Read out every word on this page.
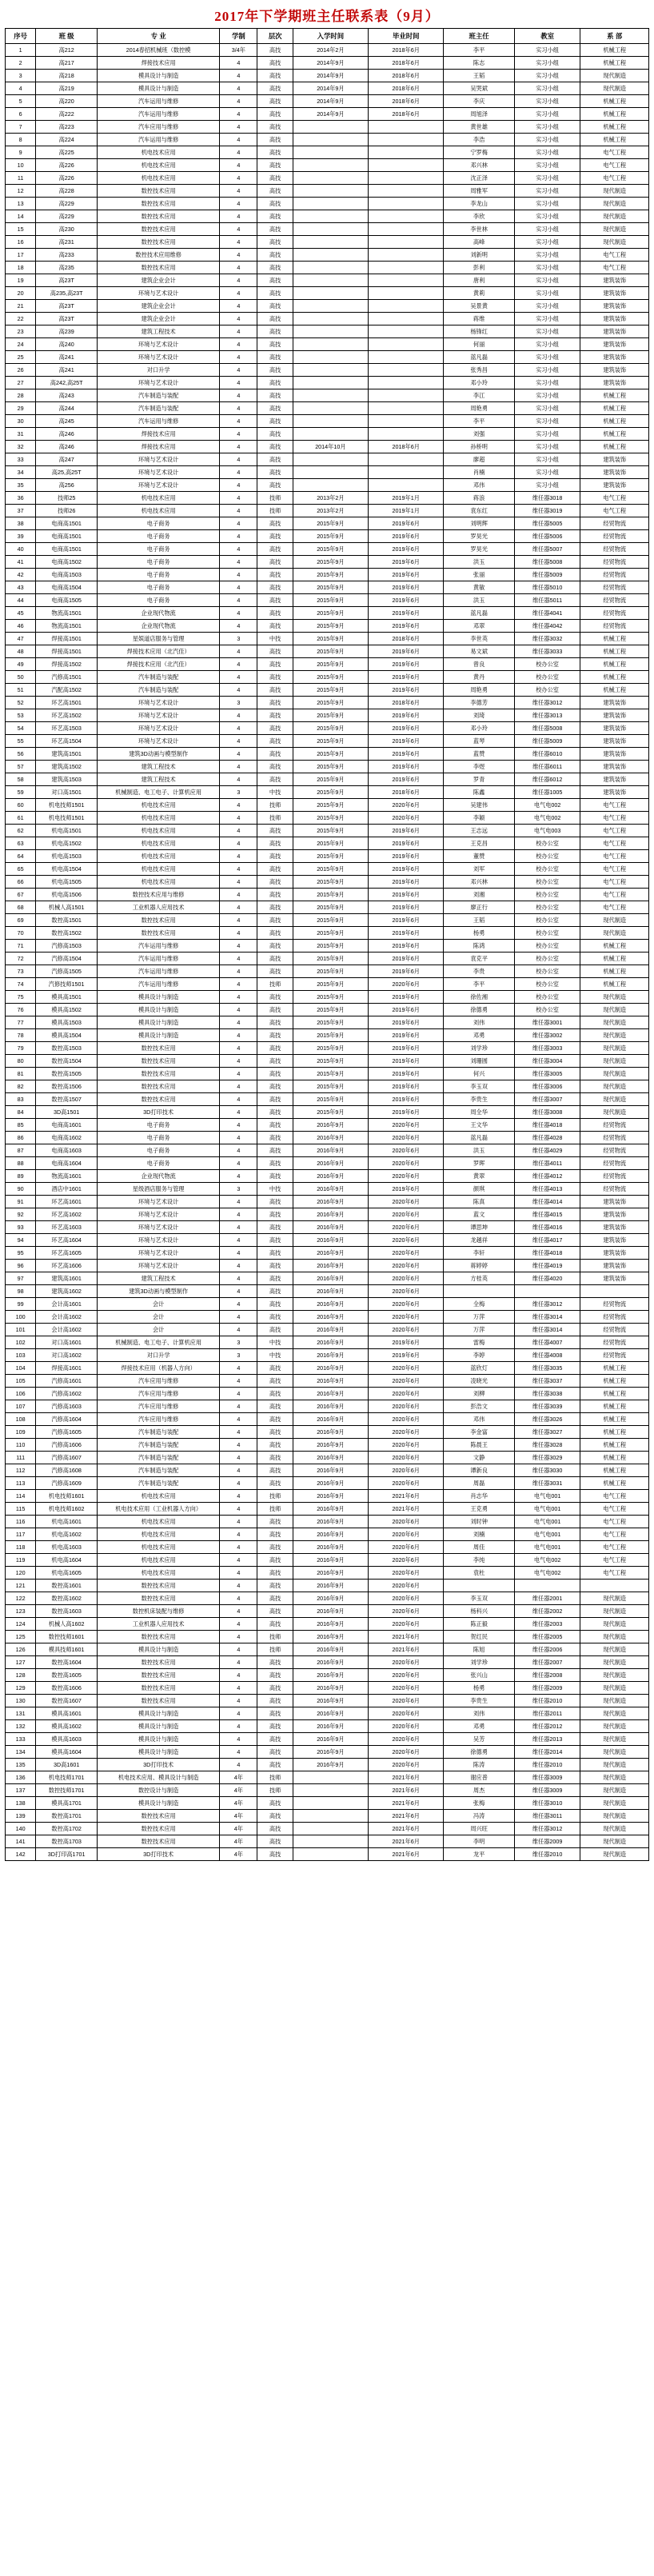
2017年下学期班主任联系表（9月）
序号	班 级	专 业	学制	层次	入学时间	毕业时间	班主任	教室	系 部
1	高212	2014春招机械班（数控模	3/4年	高技	2014年2月	2018年6月	李平	实习小组	机械工程
2	高217	焊接技术应用	4	高技	2014年9月	2018年6月	陈志	实习小组	机械工程
3	高218	模具设计与制造	4	高技	2014年9月	2018年6月	王韬	实习小组	现代制造
4	高219	模具设计与制造	4	高技	2014年9月	2018年6月	吴哭斌	实习小组	现代制造
5	高220	汽车运用与维修	4	高技	2014年9月	2018年6月	李庆	实习小组	机械工程
6	高222	汽车运用与维修	4	高技	2014年9月	2018年6月	周旭泽	实习小组	机械工程
7	高223	汽车应用与维修	4	高技			黄世雄	实习小组	机械工程
8	高224	汽车运用与维修	4	高技			李浩	实习小组	机械工程
9	高225	机电技术应用	4	高技			宁罗梅	实习小组	电气工程
10	高226	机电技术应用	4	高技			邓兴林	实习小组	电气工程
11	高226	机电技术应用	4	高技			沈正泽	实习小组	电气工程
12	高228	数控技术应用	4	高技			周雅军	实习小组	现代制造
13	高229	数控技术应用	4	高技			李龙山	实习小组	现代制造
14	高229	数控技术应用	4	高技			李欣	实习小组	现代制造
15	高230	数控技术应用	4	高技			李世林	实习小组	现代制造
16	高231	数控技术应用	4	高技			高峰	实习小组	现代制造
17	高233	数控技术应用维修	4	高技			刘新明	实习小组	电气工程
18	高235	数控技术应用	4	高技			彭利	实习小组	电气工程
19	高23T	建筑企业会计	4	高技			唐利	实习小组	建筑装饰
20	高235,高23T	环境与艺术设计	4	高技			黄莉	实习小组	建筑装饰
21	高23T	建筑企业会计	4	高技			吴景黄	实习小组	建筑装饰
22	高23T	建筑企业会计	4	高技			蒋维	实习小组	建筑装饰
23	高239	建筑工程技术	4	高技			杨锋红	实习小组	建筑装饰
24	高240	环境与艺术设计	4	高技			何丽	实习小组	建筑装饰
25	高241	环境与艺术设计	4	高技			蓝凡磊	实习小组	建筑装饰
26	高241	对口升学	4	高技			张秀昌	实习小组	建筑装饰
27	高242,高25T	环境与艺术设计	4	高技			邓小玲	实习小组	建筑装饰
28	高243	汽车制造与装配	4	高技			李江	实习小组	机械工程
29	高244	汽车制造与装配	4	高技			周艳勇	实习小组	机械工程
30	高245	汽车运用与维修	4	高技			李平	实习小组	机械工程
31	高246	焊接技术应用	4	高技			刘强	实习小组	机械工程
32	高246	焊接技术应用	4	高技	2014年10月	2018年6月	孙桥明	实习小组	机械工程
33	高247	环境与艺术设计	4	高技			廖超	实习小组	建筑装饰
34	高25,高25T	环境与艺术设计	4	高技			肖楠	实习小组	建筑装饰
35	高256	环境与艺术设计	4	高技			邓伟	实习小组	建筑装饰
36	技师25	机电技术应用	4	技师	2013年2月	2019年1月	蒋浪	维任器3018	电气工程
37	技师26	机电技术应用	4	技师	2013年2月	2019年1月	袁东红	维任器3019	电气工程
38	电商高1501	电子商务	4	高技	2015年9月	2019年6月	刘明辉	维任器5005	经贸物流
39	电商高1501	电子商务	4	高技	2015年9月	2019年6月	罗昊光	维任器5006	经贸物流
40	电商高1501	电子商务	4	高技	2015年9月	2019年6月	罗昊光	维任器5007	经贸物流
41	电商高1502	电子商务	4	高技	2015年9月	2019年6月	洪玉	维任器5008	经贸物流
42	电商高1503	电子商务	4	高技	2015年9月	2019年6月	张丽	维任器5009	经贸物流
43	电商高1504	电子商务	4	高技	2015年9月	2019年6月	黄敏	维任器5010	经贸物流
44	电商高1505	电子商务	4	高技	2015年9月	2019年6月	洪玉	维任器5011	经贸物流
45	物流高1501	企业现代物流	4	高技	2015年9月	2019年6月	蓝凡磊	维任器4041	经贸物流
46	物流高1501	企业现代物流	4	高技	2015年9月	2019年6月	邓翠	维任器4042	经贸物流
47	焊接高1501	星娱道店服务与管理	3	中技	2015年9月	2018年6月	李世英	维任器3032	机械工程
48	焊接高1501	焊接技术应用（北汽佳）	4	高技	2015年9月	2019年6月	易文斌	维任器3033	机械工程
49	焊接高1502	焊接技术应用（北汽佳）	4	高技	2015年9月	2019年6月	曾良	校办公室	机械工程
50	汽修高1501	汽车制造与装配	4	高技	2015年9月	2019年6月	黄丹	校办公室	机械工程
51	汽配高1502	汽车制造与装配	4	高技	2015年9月	2019年6月	周艳勇	校办公室	机械工程
52	环艺高1501	环境与艺术设计	3	高技	2015年9月	2018年6月	李德芳	维任器3012	建筑装饰
53	环艺高1502	环境与艺术设计	4	高技	2015年9月	2019年6月	刘琦	维任器3013	建筑装饰
54	环艺高1503	环境与艺术设计	4	高技	2015年9月	2019年6月	邓小玲	维任器5008	建筑装饰
55	环艺高1504	环境与艺术设计	4	高技	2015年9月	2019年6月	蓝琴	维任器5009	建筑装饰
56	建筑高1501	建筑3D动画与模型制作	4	高技	2015年9月	2019年6月	蓝赞	维任器6010	建筑装饰
57	建筑高1502	建筑工程技术	4	高技	2015年9月	2019年6月	李煜	维任器6011	建筑装饰
58	建筑高1503	建筑工程技术	4	高技	2015年9月	2019年6月	罗青	维任器6012	建筑装饰
59	对口高1501	机械制造、电工电子、计算机应用	3	中技	2015年9月	2018年6月	陈鑫	维任器1005	建筑装饰
60	机电技师1501	机电技术应用	4	技师	2015年9月	2020年6月	吴建伟	电气电002	电气工程
61	机电技师1501	机电技术应用	4	技师	2015年9月	2020年6月	李颖	电气电002	电气工程
62	机电高1501	机电技术应用	4	高技	2015年9月	2019年6月	王志远	电气电003	电气工程
63	机电高1502	机电技术应用	4	高技	2015年9月	2019年6月	王克昌	校办公室	电气工程
64	机电高1503	机电技术应用	4	高技	2015年9月	2019年6月	董赞	校办公室	电气工程
65	机电高1504	机电技术应用	4	高技	2015年9月	2019年6月	刘军	校办公室	电气工程
66	机电高1505	机电技术应用	4	高技	2015年9月	2019年6月	邓兴林	校办公室	电气工程
67	机电高1506	数控技术应用与维修	4	高技	2015年9月	2019年6月	刘湘	校办公室	电气工程
68	机械人高1501	工业机器人应用技术	4	高技	2015年9月	2019年6月	廖正行	校办公室	电气工程
69	数控高1501	数控技术应用	4	高技	2015年9月	2019年6月	王韬	校办公室	现代制造
70	数控高1502	数控技术应用	4	高技	2015年9月	2019年6月	杨勇	校办公室	现代制造
71	汽修高1503	汽车运用与维修	4	高技	2015年9月	2019年6月	陈鸿	校办公室	机械工程
72	汽修高1504	汽车运用与维修	4	高技	2015年9月	2019年6月	袁克平	校办公室	机械工程
73	汽修高1505	汽车运用与维修	4	高技	2015年9月	2019年6月	李贵	校办公室	机械工程
74	汽修技师1501	汽车运用与维修	4	技师	2015年9月	2020年6月	李平	校办公室	机械工程
75	模具高1501	模具设计与制造	4	高技	2015年9月	2019年6月	徐佐湘	校办公室	现代制造
76	模具高1502	模具设计与制造	4	高技	2015年9月	2019年6月	徐德勇	校办公室	现代制造
77	模具高1503	模具设计与制造	4	高技	2015年9月	2019年6月	刘伟	维任器3001	现代制造
78	模具高1504	模具设计与制造	4	高技	2015年9月	2019年6月	邓勇	维任器3002	现代制造
79	数控高1503	数控技术应用	4	高技	2015年9月	2019年6月	刘学珍	维任器3003	现代制造
80	数控高1504	数控技术应用	4	高技	2015年9月	2019年6月	刘珊圆	维任器3004	现代制造
81	数控高1505	数控技术应用	4	高技	2015年9月	2019年6月	何兴	维任器3005	现代制造
82	数控高1506	数控技术应用	4	高技	2015年9月	2019年6月	李玉双	维任器3006	现代制造
83	数控高1507	数控技术应用	4	高技	2015年9月	2019年6月	李贵生	维任器3007	现代制造
84	3D高1501	3D打印技术	4	高技	2015年9月	2019年6月	周全华	维任器3008	现代制造
85	电商高1601	电子商务	4	高技	2016年9月	2020年6月	王文华	维任器4018	经贸物流
86	电商高1602	电子商务	4	高技	2016年9月	2020年6月	蓝凡磊	维任器4028	经贸物流
87	电商高1603	电子商务	4	高技	2016年9月	2020年6月	洪玉	维任器4029	经贸物流
88	电商高1604	电子商务	4	高技	2016年9月	2020年6月	罗晖	维任器4011	经贸物流
89	物流高1601	企业现代物流	4	高技	2016年9月	2020年6月	黄翠	维任器4012	经贸物流
90	酒店中1601	星级酒店服务与管理	3	中技	2016年9月	2019年6月	颜琪	维任器4013	经贸物流
91	环艺高1601	环境与艺术设计	4	高技	2016年9月	2020年6月	陈真	维任器4014	建筑装饰
92	环艺高1602	环境与艺术设计	4	高技	2016年9月	2020年6月	蓝文	维任器4015	建筑装饰
93	环艺高1603	环境与艺术设计	4	高技	2016年9月	2020年6月	谭思坤	维任器4016	建筑装饰
94	环艺高1604	环境与艺术设计	4	高技	2016年9月	2020年6月	龙越祥	维任器4017	建筑装饰
95	环艺高1605	环境与艺术设计	4	高技	2016年9月	2020年6月	李轩	维任器4018	建筑装饰
96	环艺高1606	环境与艺术设计	4	高技	2016年9月	2020年6月	蒋婷婷	维任器4019	建筑装饰
97	建筑高1601	建筑工程技术	4	高技	2016年9月	2020年6月	方桂英	维任器4020	建筑装饰
98	建筑高1602	建筑3D动画与模型制作	4	高技	2016年9月	2020年6月			
99	会计高1601	会计	4	高技	2016年9月	2020年6月	全梅	维任器3012	经贸物流
100	会计高1602	会计	4	高技	2016年9月	2020年6月	万萍	维任器3014	经贸物流
101	会计高1602	会计	4	高技	2016年9月	2020年6月	万萍	维任器3014	经贸物流
102	对口高1601	机械制造、电工电子、计算机应用	3	中技	2016年9月	2019年6月	雷梅	维任器4007	经贸物流
103	对口高1602	对口升学	3	中技	2016年9月	2019年6月	李婷	维任器4008	经贸物流
104	焊接高1601	焊接技术应用（机器人方向）	4	高技	2016年9月	2020年6月	蓝欣灯	维任器3035	机械工程
105	汽修高1601	汽车应用与维修	4	高技	2016年9月	2020年6月	凌晓光	维任器3037	机械工程
106	汽修高1602	汽车应用与维修	4	高技	2016年9月	2020年6月	刘柳	维任器3038	机械工程
107	汽修高1603	汽车应用与维修	4	高技	2016年9月	2020年6月	彭浩文	维任器3039	机械工程
108	汽修高1604	汽车应用与维修	4	高技	2016年9月	2020年6月	邓伟	维任器3026	机械工程
109	汽修高1605	汽车制造与装配	4	高技	2016年9月	2020年6月	李金富	维任器3027	机械工程
110	汽修高1606	汽车制造与装配	4	高技	2016年9月	2020年6月	陈晨王	维任器3028	机械工程
111	汽修高1607	汽车制造与装配	4	高技	2016年9月	2020年6月	文静	维任器3029	机械工程
112	汽修高1608	汽车制造与装配	4	高技	2016年9月	2020年6月	谭新良	维任器3030	机械工程
113	汽修高1609	汽车制造与装配	4	高技	2016年9月	2020年6月	周磊	维任器3031	机械工程
114	机电技师1601	机电技术应用	4	技师	2016年9月	2021年6月	肖志华	电气电001	电气工程
115	机电技师1602	机电技术应用（工业机器人方向）	4	技师	2016年9月	2021年6月	王克勇	电气电001	电气工程
116	机电高1601	机电技术应用	4	高技	2016年9月	2020年6月	刘时钟	电气电001	电气工程
117	机电高1602	机电技术应用	4	高技	2016年9月	2020年6月	刘楠	电气电001	电气工程
118	机电高1603	机电技术应用	4	高技	2016年9月	2020年6月	周佳	电气电001	电气工程
119	机电高1604	机电技术应用	4	高技	2016年9月	2020年6月	李纯	电气电002	电气工程
120	机电高1605	机电技术应用	4	高技	2016年9月	2020年6月	袁杜	电气电002	电气工程
121	数控高1601	数控技术应用	4	高技	2016年9月	2020年6月			
122	数控高1602	数控技术应用	4	高技	2016年9月	2020年6月	李玉双	维任器2001	现代制造
123	数控高1603	数控机床装配与维修	4	高技	2016年9月	2020年6月	杨科兴	维任器2002	现代制造
124	机械人高1602	工业机器人应用技术	4	高技	2016年9月	2020年6月	陈正毅	维任器2003	现代制造
125	数控技师1601	数控技术应用	4	技师	2016年9月	2021年6月	贺红民	维任器2005	现代制造
126	模具技师1601	模具设计与制造	4	技师	2016年9月	2021年6月	陈旭	维任器2006	现代制造
127	数控高1604	数控技术应用	4	高技	2016年9月	2020年6月	刘学珍	维任器2007	现代制造
128	数控高1605	数控技术应用	4	高技	2016年9月	2020年6月	张兴山	维任器2008	现代制造
129	数控高1606	数控技术应用	4	高技	2016年9月	2020年6月	杨勇	维任器2009	现代制造
130	数控高1607	数控技术应用	4	高技	2016年9月	2020年6月	李贵生	维任器2010	现代制造
131	模具高1601	模具设计与制造	4	高技	2016年9月	2020年6月	刘伟	维任器2011	现代制造
132	模具高1602	模具设计与制造	4	高技	2016年9月	2020年6月	邓勇	维任器2012	现代制造
133	模具高1603	模具设计与制造	4	高技	2016年9月	2020年6月	吴芳	维任器2013	现代制造
134	模具高1604	模具设计与制造	4	高技	2016年9月	2020年6月	徐德勇	维任器2014	现代制造
135	3D高1601	3D打印技术	4	高技	2016年9月	2020年6月	陈涛	维任器2010	现代制造
136	机电技师1701	机电技术应用、模具设计与制造	4年	技师		2021年6月	谢应普	维任器3009	现代制造
137	数控技师1701	数控设计与制造	4年	技师		2021年6月	周杰	维任器3009	现代制造
138	模具高1701	模具设计与制造	4年	高技		2021年6月	张梅	维任器3010	现代制造
139	数控高1701	数控技术应用	4年	高技		2021年6月	冯涛	维任器3011	现代制造
140	数控高1702	数控技术应用	4年	高技		2021年6月	周兴旺	维任器3012	现代制造
141	数控高1703	数控技术应用	4年	高技		2021年6月	李明	维任器2009	现代制造
142	3D打印高1701	3D打印技术	4年	高技		2021年6月	龙平	维任器2010	现代制造
